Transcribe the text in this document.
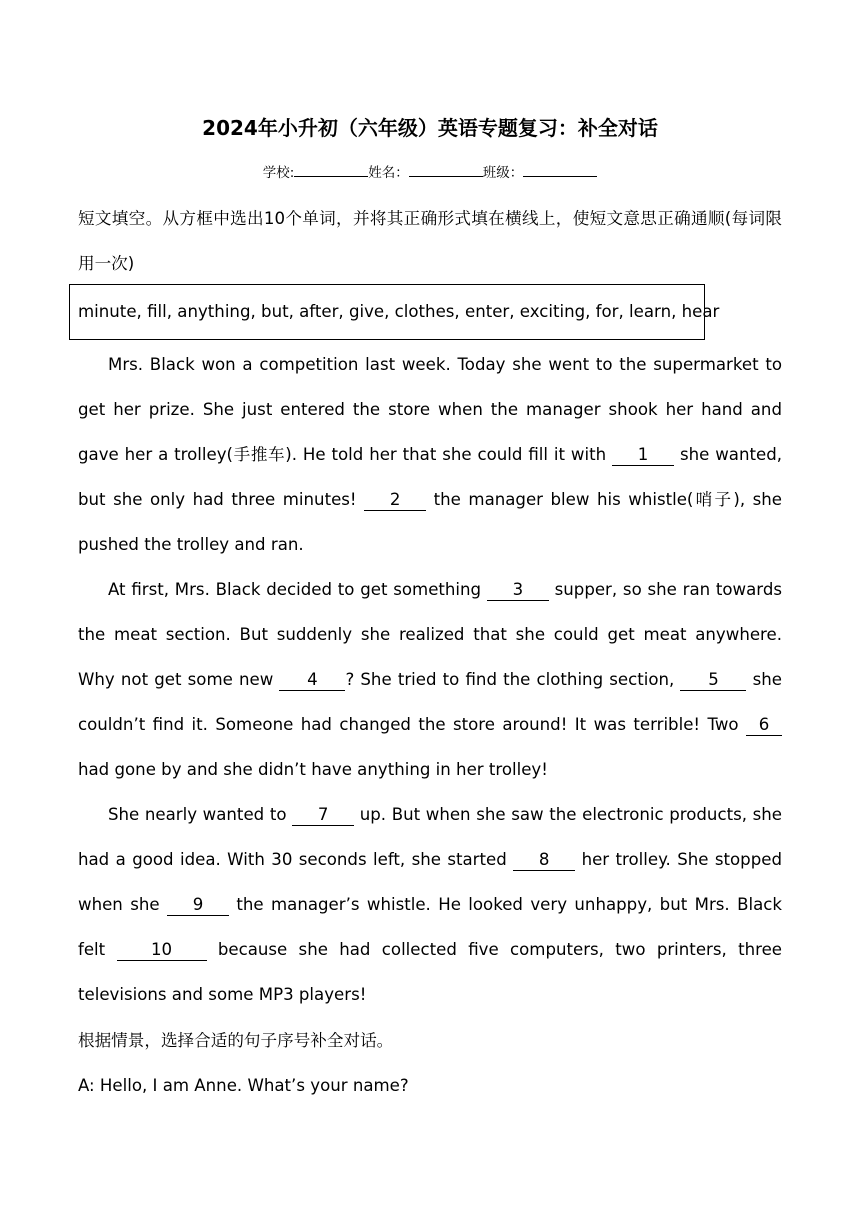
2024年小升初（六年级）英语专题复习：补全对话
学校:	姓名：	班级：
短文填空。从方框中选出10个单词，并将其正确形式填在横线上，使短文意思正确通顺(每词限用一次)
minute, fill, anything, but, after, give, clothes, enter, exciting, for, learn, hear
Mrs. Black won a competition last week. Today she went to the supermarket to get her prize. She just entered the store when the manager shook her hand and gave her a trolley(手推车). He told her that she could fill it with 1 she wanted, but she only had three minutes! 2 the manager blew his whistle(哨子), she pushed the trolley and ran.
At first, Mrs. Black decided to get something 3 supper, so she ran towards the meat section. But suddenly she realized that she could get meat anywhere. Why not get some new 4 ? She tried to find the clothing section, 5 she couldn’t find it. Someone had changed the store around! It was terrible! Two 6 had gone by and she didn’t have anything in her trolley!
She nearly wanted to 7 up. But when she saw the electronic products, she had a good idea. With 30 seconds left, she started 8 her trolley. She stopped when she 9 the manager’s whistle. He looked very unhappy, but Mrs. Black felt 10 because she had collected five computers, two printers, three televisions and some MP3 players!
根据情景，选择合适的句子序号补全对话。
A: Hello, I am Anne. What’s your name?
